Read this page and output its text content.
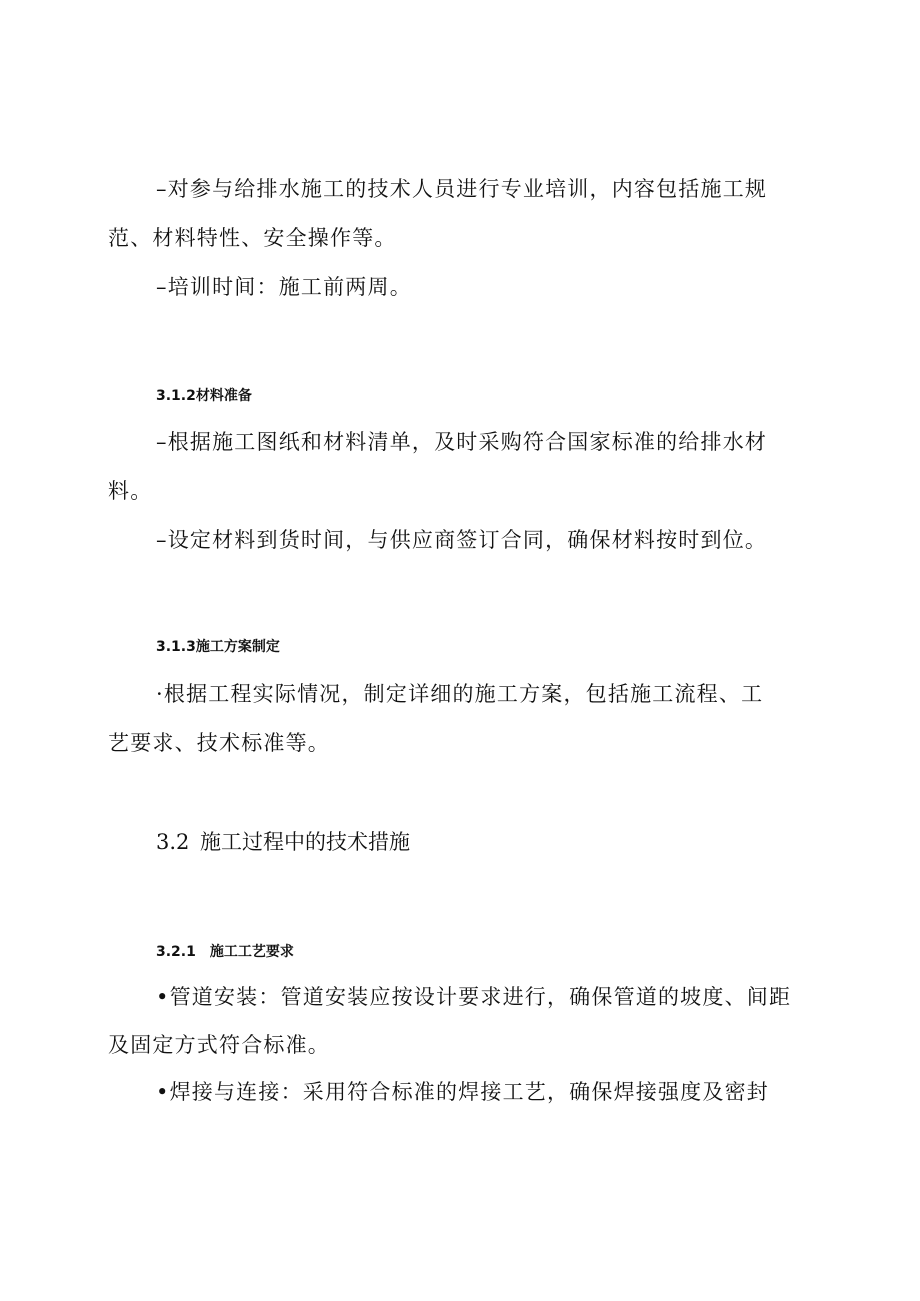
–对参与给排水施工的技术人员进行专业培训，内容包括施工规
范、材料特性、安全操作等。
–培训时间：施工前两周。
3.1.2材料准备
–根据施工图纸和材料清单，及时采购符合国家标准的给排水材
料。
–设定材料到货时间，与供应商签订合同，确保材料按时到位。
3.1.3施工方案制定
·根据工程实际情况，制定详细的施工方案，包括施工流程、工
艺要求、技术标准等。
3.2 施工过程中的技术措施
3.2.1 施工工艺要求
•管道安装：管道安装应按设计要求进行，确保管道的坡度、间距
及固定方式符合标准。
•焊接与连接：采用符合标准的焊接工艺，确保焊接强度及密封
